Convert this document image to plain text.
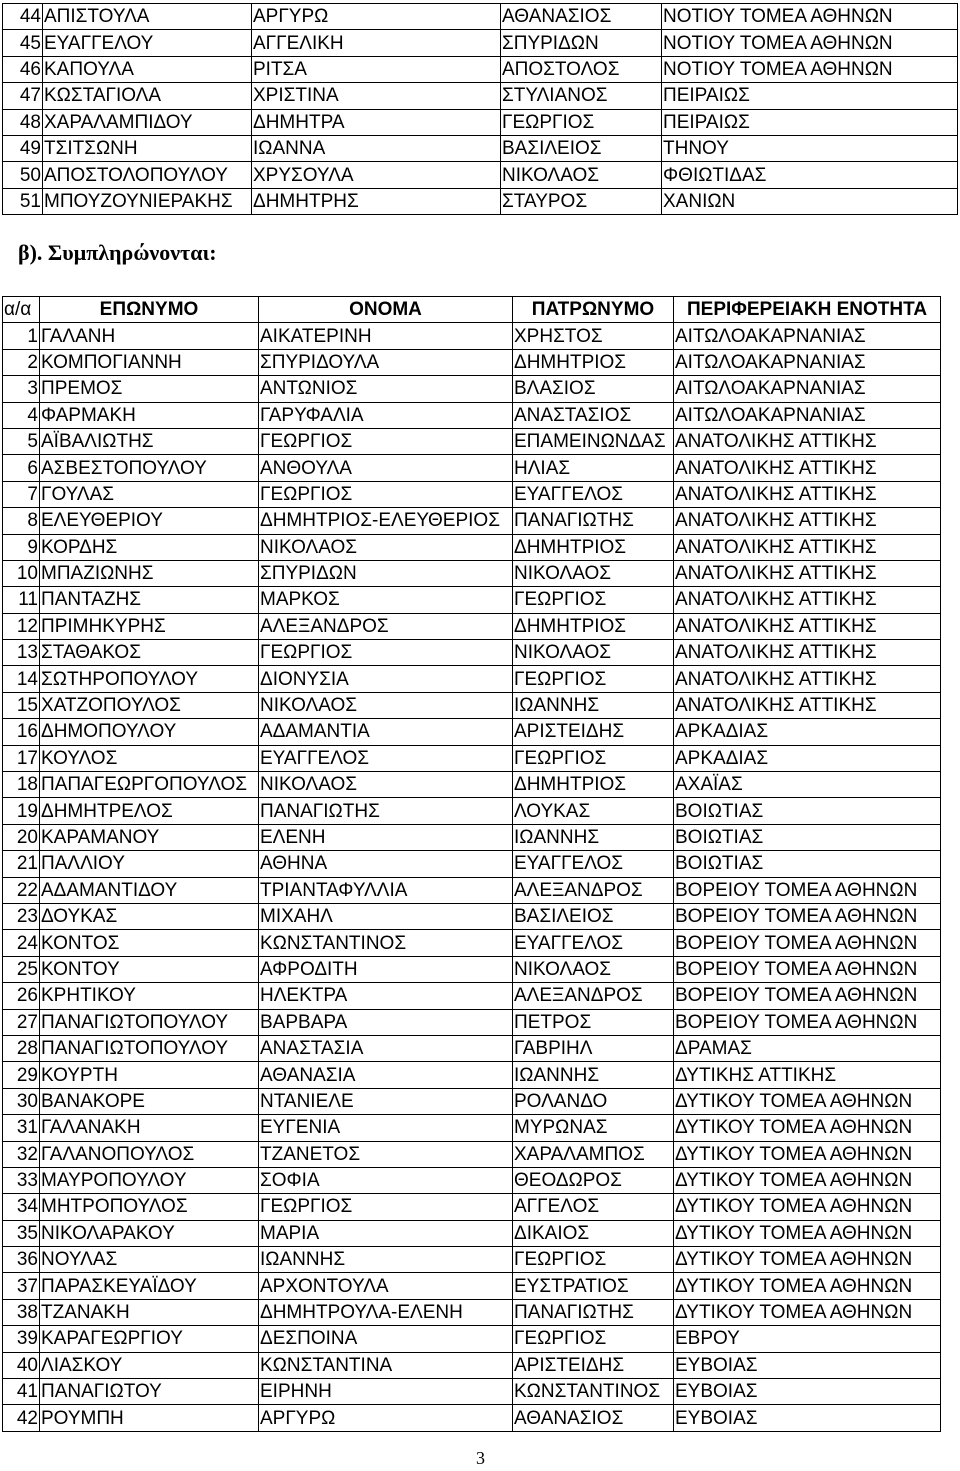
44	ΑΠΙΣΤΟΥΛΑ	ΑΡΓΥΡΩ	ΑΘΑΝΑΣΙΟΣ	ΝΟΤΙΟΥ ΤΟΜΕΑ ΑΘΗΝΩΝ
45	ΕΥΑΓΓΕΛΟΥ	ΑΓΓΕΛΙΚΗ	ΣΠΥΡΙΔΩΝ	ΝΟΤΙΟΥ ΤΟΜΕΑ ΑΘΗΝΩΝ
46	ΚΑΠΟΥΛΑ	ΡΙΤΣΑ	ΑΠΟΣΤΟΛΟΣ	ΝΟΤΙΟΥ ΤΟΜΕΑ ΑΘΗΝΩΝ
47	ΚΩΣΤΑΓΙΟΛΑ	ΧΡΙΣΤΙΝΑ	ΣΤΥΛΙΑΝΟΣ	ΠΕΙΡΑΙΩΣ
48	ΧΑΡΑΛΑΜΠΙΔΟΥ	ΔΗΜΗΤΡΑ	ΓΕΩΡΓΙΟΣ	ΠΕΙΡΑΙΩΣ
49	ΤΣΙΤΣΩΝΗ	ΙΩΑΝΝΑ	ΒΑΣΙΛΕΙΟΣ	ΤΗΝΟΥ
50	ΑΠΟΣΤΟΛΟΠΟΥΛΟΥ	ΧΡΥΣΟΥΛΑ	ΝΙΚΟΛΑΟΣ	ΦΘΙΩΤΙΔΑΣ
51	ΜΠΟΥΖΟΥΝΙΕΡΑΚΗΣ	ΔΗΜΗΤΡΗΣ	ΣΤΑΥΡΟΣ	ΧΑΝΙΩΝ
β). Συμπληρώνονται:
α/α	ΕΠΩΝΥΜΟ	ΟΝΟΜΑ	ΠΑΤΡΩΝΥΜΟ	ΠΕΡΙΦΕΡΕΙΑΚΗ ΕΝΟΤΗΤΑ
1	ΓΑΛΑΝΗ	ΑΙΚΑΤΕΡΙΝΗ	ΧΡΗΣΤΟΣ	ΑΙΤΩΛΟΑΚΑΡΝΑΝΙΑΣ
2	ΚΟΜΠΟΓΙΑΝΝΗ	ΣΠΥΡΙΔΟΥΛΑ	ΔΗΜΗΤΡΙΟΣ	ΑΙΤΩΛΟΑΚΑΡΝΑΝΙΑΣ
3	ΠΡΕΜΟΣ	ΑΝΤΩΝΙΟΣ	ΒΛΑΣΙΟΣ	ΑΙΤΩΛΟΑΚΑΡΝΑΝΙΑΣ
4	ΦΑΡΜΑΚΗ	ΓΑΡΥΦΑΛΙΑ	ΑΝΑΣΤΑΣΙΟΣ	ΑΙΤΩΛΟΑΚΑΡΝΑΝΙΑΣ
5	ΑΪΒΑΛΙΩΤΗΣ	ΓΕΩΡΓΙΟΣ	ΕΠΑΜΕΙΝΩΝΔΑΣ	ΑΝΑΤΟΛΙΚΗΣ ΑΤΤΙΚΗΣ
6	ΑΣΒΕΣΤΟΠΟΥΛΟΥ	ΑΝΘΟΥΛΑ	ΗΛΙΑΣ	ΑΝΑΤΟΛΙΚΗΣ ΑΤΤΙΚΗΣ
7	ΓΟΥΛΑΣ	ΓΕΩΡΓΙΟΣ	ΕΥΑΓΓΕΛΟΣ	ΑΝΑΤΟΛΙΚΗΣ ΑΤΤΙΚΗΣ
8	ΕΛΕΥΘΕΡΙΟΥ	ΔΗΜΗΤΡΙΟΣ-ΕΛΕΥΘΕΡΙΟΣ	ΠΑΝΑΓΙΩΤΗΣ	ΑΝΑΤΟΛΙΚΗΣ ΑΤΤΙΚΗΣ
9	ΚΟΡΔΗΣ	ΝΙΚΟΛΑΟΣ	ΔΗΜΗΤΡΙΟΣ	ΑΝΑΤΟΛΙΚΗΣ ΑΤΤΙΚΗΣ
10	ΜΠΑΖΙΩΝΗΣ	ΣΠΥΡΙΔΩΝ	ΝΙΚΟΛΑΟΣ	ΑΝΑΤΟΛΙΚΗΣ ΑΤΤΙΚΗΣ
11	ΠΑΝΤΑΖΗΣ	ΜΑΡΚΟΣ	ΓΕΩΡΓΙΟΣ	ΑΝΑΤΟΛΙΚΗΣ ΑΤΤΙΚΗΣ
12	ΠΡΙΜΗΚΥΡΗΣ	ΑΛΕΞΑΝΔΡΟΣ	ΔΗΜΗΤΡΙΟΣ	ΑΝΑΤΟΛΙΚΗΣ ΑΤΤΙΚΗΣ
13	ΣΤΑΘΑΚΟΣ	ΓΕΩΡΓΙΟΣ	ΝΙΚΟΛΑΟΣ	ΑΝΑΤΟΛΙΚΗΣ ΑΤΤΙΚΗΣ
14	ΣΩΤΗΡΟΠΟΥΛΟΥ	ΔΙΟΝΥΣΙΑ	ΓΕΩΡΓΙΟΣ	ΑΝΑΤΟΛΙΚΗΣ ΑΤΤΙΚΗΣ
15	ΧΑΤΖΟΠΟΥΛΟΣ	ΝΙΚΟΛΑΟΣ	ΙΩΑΝΝΗΣ	ΑΝΑΤΟΛΙΚΗΣ ΑΤΤΙΚΗΣ
16	ΔΗΜΟΠΟΥΛΟΥ	ΑΔΑΜΑΝΤΙΑ	ΑΡΙΣΤΕΙΔΗΣ	ΑΡΚΑΔΙΑΣ
17	ΚΟΥΛΟΣ	ΕΥΑΓΓΕΛΟΣ	ΓΕΩΡΓΙΟΣ	ΑΡΚΑΔΙΑΣ
18	ΠΑΠΑΓΕΩΡΓΟΠΟΥΛΟΣ	ΝΙΚΟΛΑΟΣ	ΔΗΜΗΤΡΙΟΣ	ΑΧΑΪΑΣ
19	ΔΗΜΗΤΡΕΛΟΣ	ΠΑΝΑΓΙΩΤΗΣ	ΛΟΥΚΑΣ	ΒΟΙΩΤΙΑΣ
20	ΚΑΡΑΜΑΝΟΥ	ΕΛΕΝΗ	ΙΩΑΝΝΗΣ	ΒΟΙΩΤΙΑΣ
21	ΠΑΛΛΙΟΥ	ΑΘΗΝΑ	ΕΥΑΓΓΕΛΟΣ	ΒΟΙΩΤΙΑΣ
22	ΑΔΑΜΑΝΤΙΔΟΥ	ΤΡΙΑΝΤΑΦΥΛΛΙΑ	ΑΛΕΞΑΝΔΡΟΣ	ΒΟΡΕΙΟΥ ΤΟΜΕΑ ΑΘΗΝΩΝ
23	ΔΟΥΚΑΣ	ΜΙΧΑΗΛ	ΒΑΣΙΛΕΙΟΣ	ΒΟΡΕΙΟΥ ΤΟΜΕΑ ΑΘΗΝΩΝ
24	ΚΟΝΤΟΣ	ΚΩΝΣΤΑΝΤΙΝΟΣ	ΕΥΑΓΓΕΛΟΣ	ΒΟΡΕΙΟΥ ΤΟΜΕΑ ΑΘΗΝΩΝ
25	ΚΟΝΤΟΥ	ΑΦΡΟΔΙΤΗ	ΝΙΚΟΛΑΟΣ	ΒΟΡΕΙΟΥ ΤΟΜΕΑ ΑΘΗΝΩΝ
26	ΚΡΗΤΙΚΟΥ	ΗΛΕΚΤΡΑ	ΑΛΕΞΑΝΔΡΟΣ	ΒΟΡΕΙΟΥ ΤΟΜΕΑ ΑΘΗΝΩΝ
27	ΠΑΝΑΓΙΩΤΟΠΟΥΛΟΥ	ΒΑΡΒΑΡΑ	ΠΕΤΡΟΣ	ΒΟΡΕΙΟΥ ΤΟΜΕΑ ΑΘΗΝΩΝ
28	ΠΑΝΑΓΙΩΤΟΠΟΥΛΟΥ	ΑΝΑΣΤΑΣΙΑ	ΓΑΒΡΙΗΛ	ΔΡΑΜΑΣ
29	ΚΟΥΡΤΗ	ΑΘΑΝΑΣΙΑ	ΙΩΑΝΝΗΣ	ΔΥΤΙΚΗΣ ΑΤΤΙΚΗΣ
30	ΒΑΝΑΚΟΡΕ	ΝΤΑΝΙΕΛΕ	ΡΟΛΑΝΔΟ	ΔΥΤΙΚΟΥ ΤΟΜΕΑ ΑΘΗΝΩΝ
31	ΓΑΛΑΝΑΚΗ	ΕΥΓΕΝΙΑ	ΜΥΡΩΝΑΣ	ΔΥΤΙΚΟΥ ΤΟΜΕΑ ΑΘΗΝΩΝ
32	ΓΑΛΑΝΟΠΟΥΛΟΣ	ΤΖΑΝΕΤΟΣ	ΧΑΡΑΛΑΜΠΟΣ	ΔΥΤΙΚΟΥ ΤΟΜΕΑ ΑΘΗΝΩΝ
33	ΜΑΥΡΟΠΟΥΛΟΥ	ΣΟΦΙΑ	ΘΕΟΔΩΡΟΣ	ΔΥΤΙΚΟΥ ΤΟΜΕΑ ΑΘΗΝΩΝ
34	ΜΗΤΡΟΠΟΥΛΟΣ	ΓΕΩΡΓΙΟΣ	ΑΓΓΕΛΟΣ	ΔΥΤΙΚΟΥ ΤΟΜΕΑ ΑΘΗΝΩΝ
35	ΝΙΚΟΛΑΡΑΚΟΥ	ΜΑΡΙΑ	ΔΙΚΑΙΟΣ	ΔΥΤΙΚΟΥ ΤΟΜΕΑ ΑΘΗΝΩΝ
36	ΝΟΥΛΑΣ	ΙΩΑΝΝΗΣ	ΓΕΩΡΓΙΟΣ	ΔΥΤΙΚΟΥ ΤΟΜΕΑ ΑΘΗΝΩΝ
37	ΠΑΡΑΣΚΕΥΑΪΔΟΥ	ΑΡΧΟΝΤΟΥΛΑ	ΕΥΣΤΡΑΤΙΟΣ	ΔΥΤΙΚΟΥ ΤΟΜΕΑ ΑΘΗΝΩΝ
38	ΤΖΑΝΑΚΗ	ΔΗΜΗΤΡΟΥΛΑ-ΕΛΕΝΗ	ΠΑΝΑΓΙΩΤΗΣ	ΔΥΤΙΚΟΥ ΤΟΜΕΑ ΑΘΗΝΩΝ
39	ΚΑΡΑΓΕΩΡΓΙΟΥ	ΔΕΣΠΟΙΝΑ	ΓΕΩΡΓΙΟΣ	ΕΒΡΟΥ
40	ΛΙΑΣΚΟΥ	ΚΩΝΣΤΑΝΤΙΝΑ	ΑΡΙΣΤΕΙΔΗΣ	ΕΥΒΟΙΑΣ
41	ΠΑΝΑΓΙΩΤΟΥ	ΕΙΡΗΝΗ	ΚΩΝΣΤΑΝΤΙΝΟΣ	ΕΥΒΟΙΑΣ
42	ΡΟΥΜΠΗ	ΑΡΓΥΡΩ	ΑΘΑΝΑΣΙΟΣ	ΕΥΒΟΙΑΣ
3
